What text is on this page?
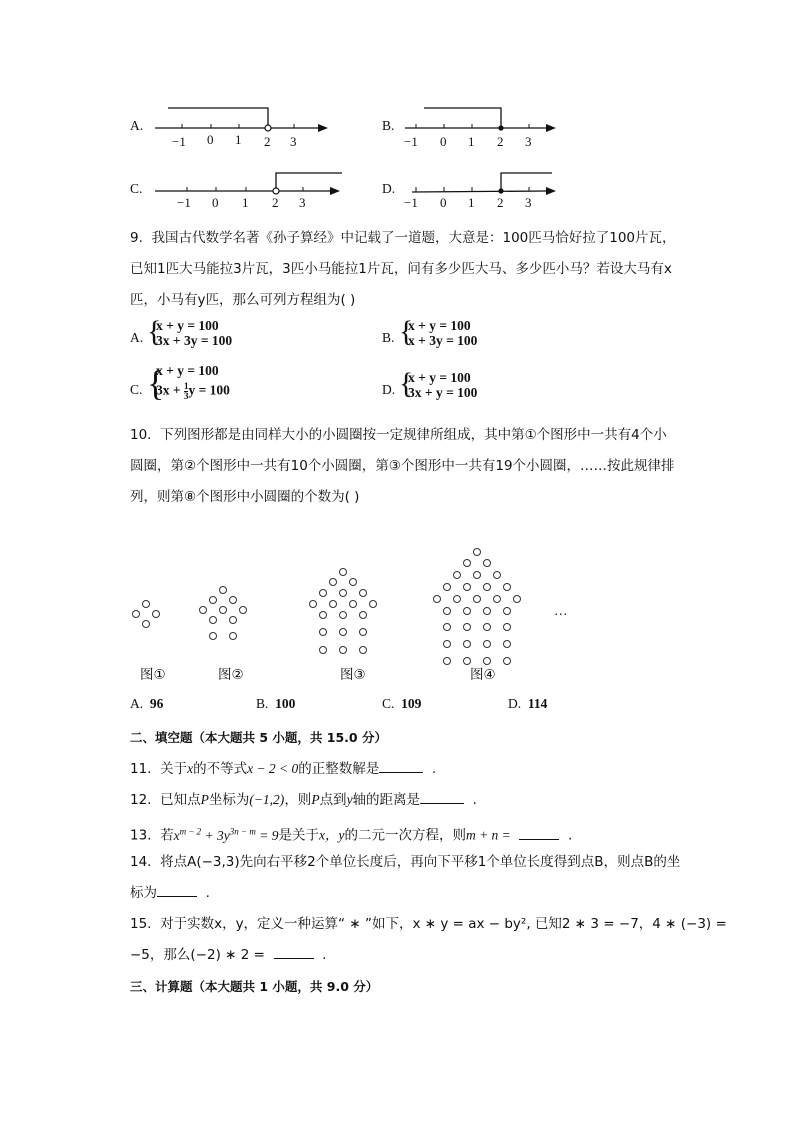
A.
−1 0 1 2 3
B.
−1 0 1 2 3
C.
−1 0 1 2 3
D.
−1 0 1 2 3
9. 我国古代数学名著《孙子算经》中记载了一道题，大意是：100匹马恰好拉了100片瓦，
已知1匹大马能拉3片瓦，3匹小马能拉1片瓦，问有多少匹大马、多少匹小马？若设大马有x
匹，小马有y匹，那么可列方程组为( )
A. {
x + y = 100
3x + 3y = 100	B. {
x + y = 100
x + 3y = 100
C. {
x + y = 100
$3x + \frac{1}{3}$ y = 100	D. {
x + y = 100
3x + y = 100
10. 下列图形都是由同样大小的小圆圈按一定规律所组成，其中第①个图形中一共有4个小
圆圈，第②个图形中一共有10个小圆圈，第③个图形中一共有19个小圆圈，……按此规律排
列，则第⑧个图形中小圆圈的个数为( )
…
图①	图②	图③	图④
A. 96	B. 100	C. 109	D. 114
二、填空题（本大题共 5 小题，共 15.0 分）
11. 关于x的不等式x − 2 < 0的正整数解是	.
12. 已知点P坐标为(−1,2)，则P点到y轴的距离是	.
13. 若$x^{m - 2} + 3y^{3n - m} = 9$是关于x，y的二元一次方程，则m + n =	.
14. 将点A(−3,3)先向右平移2个单位长度后，再向下平移1个单位长度得到点B，则点B的坐
标为	.
15. 对于实数x，y，定义一种运算“ ∗ ”如下，x ∗ y = ax − by², 已知2 ∗ 3 = −7，4 ∗ (−3) =
−5，那么(−2) ∗ 2 =	.
三、计算题（本大题共 1 小题，共 9.0 分）
